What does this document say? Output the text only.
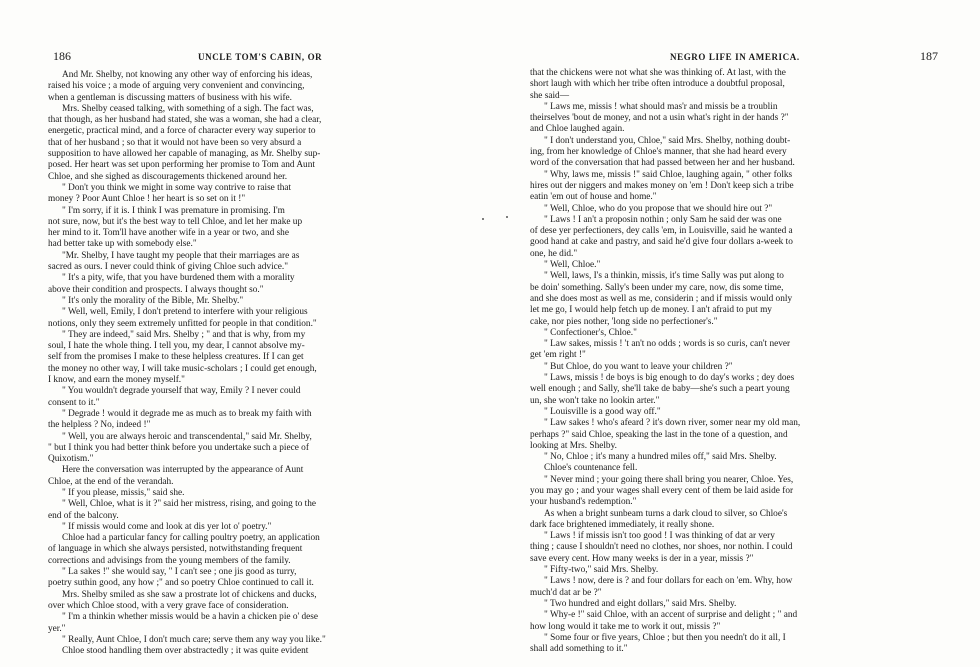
186	UNCLE TOM'S CABIN, OR
And Mr. Shelby, not knowing any other way of enforcing his ideas,
raised his voice ; a mode of arguing very convenient and convincing,
when a gentleman is discussing matters of business with his wife.
Mrs. Shelby ceased talking, with something of a sigh. The fact was,
that though, as her husband had stated, she was a woman, she had a clear,
energetic, practical mind, and a force of character every way superior to
that of her husband ; so that it would not have been so very absurd a
supposition to have allowed her capable of managing, as Mr. Shelby sup-
posed. Her heart was set upon performing her promise to Tom and Aunt
Chloe, and she sighed as discouragements thickened around her.
" Don't you think we might in some way contrive to raise that
money ? Poor Aunt Chloe ! her heart is so set on it !"
" I'm sorry, if it is. I think I was premature in promising. I'm
not sure, now, but it's the best way to tell Chloe, and let her make up
her mind to it. Tom'll have another wife in a year or two, and she
had better take up with somebody else."
"Mr. Shelby, I have taught my people that their marriages are as
sacred as ours. I never could think of giving Chloe such advice."
" It's a pity, wife, that you have burdened them with a morality
above their condition and prospects. I always thought so."
" It's only the morality of the Bible, Mr. Shelby."
" Well, well, Emily, I don't pretend to interfere with your religious
notions, only they seem extremely unfitted for people in that condition."
" They are indeed," said Mrs. Shelby ; " and that is why, from my
soul, I hate the whole thing. I tell you, my dear, I cannot absolve my-
self from the promises I make to these helpless creatures. If I can get
the money no other way, I will take music-scholars ; I could get enough,
I know, and earn the money myself."
" You wouldn't degrade yourself that way, Emily ? I never could
consent to it."
" Degrade ! would it degrade me as much as to break my faith with
the helpless ? No, indeed !"
" Well, you are always heroic and transcendental," said Mr. Shelby,
" but I think you had better think before you undertake such a piece of
Quixotism."
Here the conversation was interrupted by the appearance of Aunt
Chloe, at the end of the verandah.
" If you please, missis," said she.
" Well, Chloe, what is it ?" said her mistress, rising, and going to the
end of the balcony.
" If missis would come and look at dis yer lot o' poetry."
Chloe had a particular fancy for calling poultry poetry, an application
of language in which she always persisted, notwithstanding frequent
corrections and advisings from the young members of the family.
" La sakes !" she would say, " I can't see ; one jis good as turry,
poetry suthin good, any how ;" and so poetry Chloe continued to call it.
Mrs. Shelby smiled as she saw a prostrate lot of chickens and ducks,
over which Chloe stood, with a very grave face of consideration.
" I'm a thinkin whether missis would be a havin a chicken pie o' dese
yer."
" Really, Aunt Chloe, I don't much care; serve them any way you like."
Chloe stood handling them over abstractedly ; it was quite evident
NEGRO LIFE IN AMERICA.	187
that the chickens were not what she was thinking of. At last, with the
short laugh with which her tribe often introduce a doubtful proposal,
she said—
" Laws me, missis ! what should mas'r and missis be a troublin
theirselves 'bout de money, and not a usin what's right in der hands ?"
and Chloe laughed again.
" I don't understand you, Chloe," said Mrs. Shelby, nothing doubt-
ing, from her knowledge of Chloe's manner, that she had heard every
word of the conversation that had passed between her and her husband.
" Why, laws me, missis !" said Chloe, laughing again, " other folks
hires out der niggers and makes money on 'em ! Don't keep sich a tribe
eatin 'em out of house and home."
" Well, Chloe, who do you propose that we should hire out ?"
" Laws ! I an't a proposin nothin ; only Sam he said der was one
of dese yer perfectioners, dey calls 'em, in Louisville, said he wanted a
good hand at cake and pastry, and said he'd give four dollars a-week to
one, he did."
" Well, Chloe."
" Well, laws, I's a thinkin, missis, it's time Sally was put along to
be doin' something. Sally's been under my care, now, dis some time,
and she does most as well as me, considerin ; and if missis would only
let me go, I would help fetch up de money. I an't afraid to put my
cake, nor pies nother, 'long side no perfectioner's."
" Confectioner's, Chloe."
" Law sakes, missis ! 't an't no odds ; words is so curis, can't never
get 'em right !"
" But Chloe, do you want to leave your children ?"
" Laws, missis ! de boys is big enough to do day's works ; dey does
well enough ; and Sally, she'll take de baby—she's such a peart young
un, she won't take no lookin arter."
" Louisville is a good way off."
" Law sakes ! who's afeard ? it's down river, somer near my old man,
perhaps ?" said Chloe, speaking the last in the tone of a question, and
looking at Mrs. Shelby.
" No, Chloe ; it's many a hundred miles off," said Mrs. Shelby.
Chloe's countenance fell.
" Never mind ; your going there shall bring you nearer, Chloe. Yes,
you may go ; and your wages shall every cent of them be laid aside for
your husband's redemption."
As when a bright sunbeam turns a dark cloud to silver, so Chloe's
dark face brightened immediately, it really shone.
" Laws ! if missis isn't too good ! I was thinking of dat ar very
thing ; cause I shouldn't need no clothes, nor shoes, nor nothin. I could
save every cent. How many weeks is der in a year, missis ?"
" Fifty-two," said Mrs. Shelby.
" Laws ! now, dere is ? and four dollars for each on 'em. Why, how
much'd dat ar be ?"
" Two hundred and eight dollars," said Mrs. Shelby.
" Why-e !" said Chloe, with an accent of surprise and delight ; " and
how long would it take me to work it out, missis ?"
" Some four or five years, Chloe ; but then you needn't do it all, I
shall add something to it."
